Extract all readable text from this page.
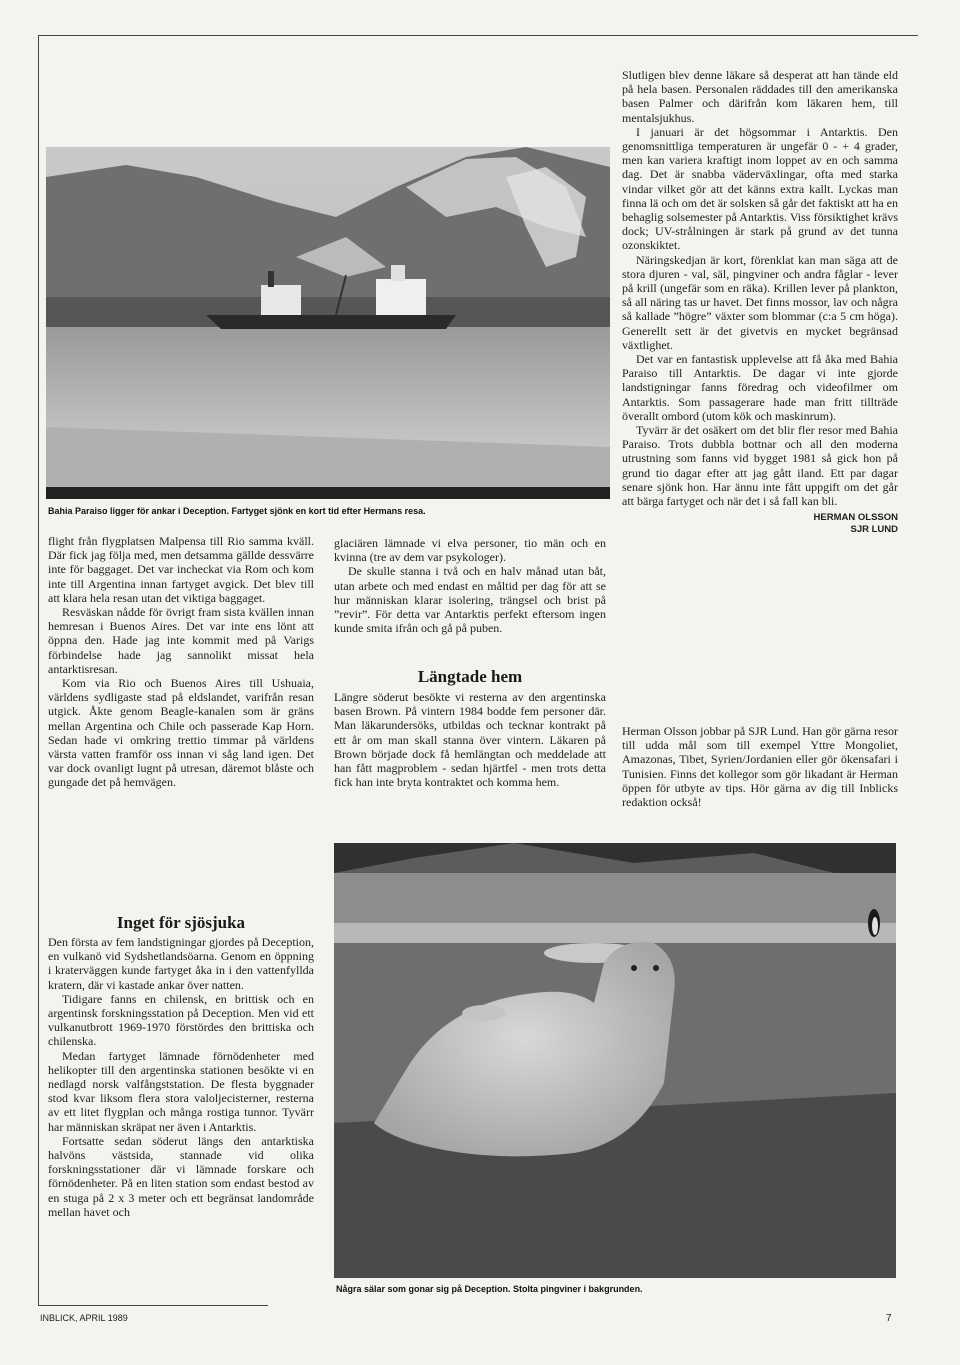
Bahia Paraiso ligger för ankar i Deception. Fartyget sjönk en kort tid efter Hermans resa.

flight från flygplatsen Malpensa till Rio samma kväll. Där fick jag följa med, men detsamma gällde dessvärre inte för baggaget. Det var incheckat via Rom och kom inte till Argentina innan fartyget avgick. Det blev till att klara hela resan utan det viktiga baggaget.

Resväskan nådde för övrigt fram sista kvällen innan hemresan i Buenos Aires. Det var inte ens lönt att öppna den. Hade jag inte kommit med på Varigs förbindelse hade jag sannolikt missat hela antarktisresan.

Kom via Rio och Buenos Aires till Ushuaia, världens sydligaste stad på eldslandet, varifrån resan utgick. Åkte genom Beagle-kanalen som är gräns mellan Argentina och Chile och passerade Kap Horn. Sedan hade vi omkring trettio timmar på världens värsta vatten framför oss innan vi såg land igen. Det var dock ovanligt lugnt på utresan, däremot blåste och gungade det på hemvägen.

Inget för sjösjuka

Den första av fem landstigningar gjordes på Deception, en vulkanö vid Sydshetlandsöarna. Genom en öppning i kraterväggen kunde fartyget åka in i den vattenfyllda kratern, där vi kastade ankar över natten.

Tidigare fanns en chilensk, en brittisk och en argentinsk forskningsstation på Deception. Men vid ett vulkanutbrott 1969-1970 förstördes den brittiska och chilenska.

Medan fartyget lämnade förnödenheter med helikopter till den argentinska stationen besökte vi en nedlagd norsk valfångststation. De flesta byggnader stod kvar liksom flera stora valoljecisterner, resterna av ett litet flygplan och många rostiga tunnor. Tyvärr har människan skräpat ner även i Antarktis.

Fortsatte sedan söderut längs den antarktiska halvöns västsida, stannade vid olika forskningsstationer där vi lämnade forskare och förnödenheter. På en liten station som endast bestod av en stuga på 2 x 3 meter och ett begränsat landområde mellan havet och

glaciären lämnade vi elva personer, tio män och en kvinna (tre av dem var psykologer).

De skulle stanna i två och en halv månad utan båt, utan arbete och med endast en måltid per dag för att se hur människan klarar isolering, trängsel och brist på ”revir”. För detta var Antarktis perfekt eftersom ingen kunde smita ifrån och gå på puben.

Längtade hem

Längre söderut besökte vi resterna av den argentinska basen Brown. På vintern 1984 bodde fem personer där. Man läkarundersöks, utbildas och tecknar kontrakt på ett år om man skall stanna över vintern. Läkaren på Brown började dock få hemlängtan och meddelade att han fått magproblem - sedan hjärtfel - men trots detta fick han inte bryta kontraktet och komma hem.

Slutligen blev denne läkare så desperat att han tände eld på hela basen. Personalen räddades till den amerikanska basen Palmer och därifrån kom läkaren hem, till mentalsjukhus.

I januari är det högsommar i Antarktis. Den genomsnittliga temperaturen är ungefär 0 - + 4 grader, men kan variera kraftigt inom loppet av en och samma dag. Det är snabba väderväxlingar, ofta med starka vindar vilket gör att det känns extra kallt. Lyckas man finna lä och om det är solsken så går det faktiskt att ha en behaglig solsemester på Antarktis. Viss försiktighet krävs dock; UV-strålningen är stark på grund av det tunna ozonskiktet.

Näringskedjan är kort, förenklat kan man säga att de stora djuren - val, säl, pingviner och andra fåglar - lever på krill (ungefär som en räka). Krillen lever på plankton, så all näring tas ur havet. Det finns mossor, lav och några så kallade ”högre” växter som blommar (c:a 5 cm höga). Generellt sett är det givetvis en mycket begränsad växtlighet.

Det var en fantastisk upplevelse att få åka med Bahia Paraiso till Antarktis. De dagar vi inte gjorde landstigningar fanns föredrag och videofilmer om Antarktis. Som passagerare hade man fritt tillträde överallt ombord (utom kök och maskinrum).

Tyvärr är det osäkert om det blir fler resor med Bahia Paraiso. Trots dubbla bottnar och all den moderna utrustning som fanns vid bygget 1981 så gick hon på grund tio dagar efter att jag gått iland. Ett par dagar senare sjönk hon. Har ännu inte fått uppgift om det går att bärga fartyget och när det i så fall kan bli.

HERMAN OLSSON
SJR LUND

Herman Olsson jobbar på SJR Lund. Han gör gärna resor till udda mål som till exempel Yttre Mongoliet, Amazonas, Tibet, Syrien/Jordanien eller gör ökensafari i Tunisien. Finns det kollegor som gör likadant är Herman öppen för utbyte av tips. Hör gärna av dig till Inblicks redaktion också!

Några sälar som gonar sig på Deception. Stolta pingviner i bakgrunden.
INBLICK, APRIL 1989	7
